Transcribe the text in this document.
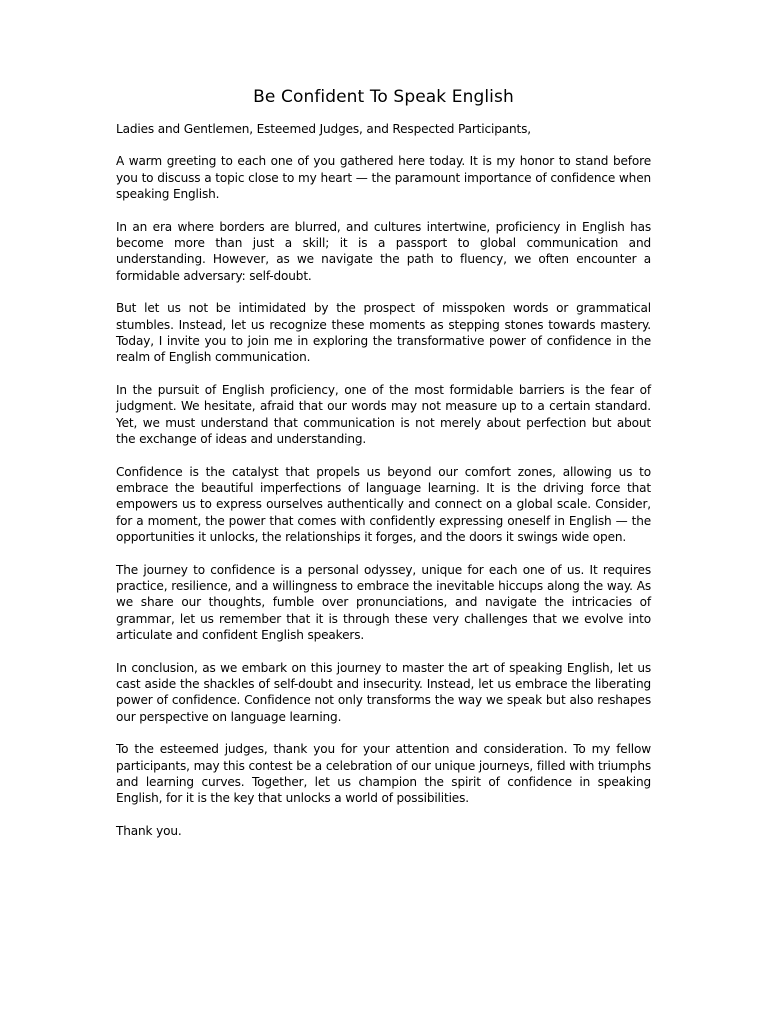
Be Confident To Speak English

Ladies and Gentlemen, Esteemed Judges, and Respected Participants,

A warm greeting to each one of you gathered here today. It is my honor to stand before you to discuss a topic close to my heart — the paramount importance of confidence when speaking English.

In an era where borders are blurred, and cultures intertwine, proficiency in English has become more than just a skill; it is a passport to global communication and understanding. However, as we navigate the path to fluency, we often encounter a formidable adversary: self-doubt.

But let us not be intimidated by the prospect of misspoken words or grammatical stumbles. Instead, let us recognize these moments as stepping stones towards mastery. Today, I invite you to join me in exploring the transformative power of confidence in the realm of English communication.

In the pursuit of English proficiency, one of the most formidable barriers is the fear of judgment. We hesitate, afraid that our words may not measure up to a certain standard. Yet, we must understand that communication is not merely about perfection but about the exchange of ideas and understanding.

Confidence is the catalyst that propels us beyond our comfort zones, allowing us to embrace the beautiful imperfections of language learning. It is the driving force that empowers us to express ourselves authentically and connect on a global scale. Consider, for a moment, the power that comes with confidently expressing oneself in English — the opportunities it unlocks, the relationships it forges, and the doors it swings wide open.

The journey to confidence is a personal odyssey, unique for each one of us. It requires practice, resilience, and a willingness to embrace the inevitable hiccups along the way. As we share our thoughts, fumble over pronunciations, and navigate the intricacies of grammar, let us remember that it is through these very challenges that we evolve into articulate and confident English speakers.

In conclusion, as we embark on this journey to master the art of speaking English, let us cast aside the shackles of self-doubt and insecurity. Instead, let us embrace the liberating power of confidence. Confidence not only transforms the way we speak but also reshapes our perspective on language learning.

To the esteemed judges, thank you for your attention and consideration. To my fellow participants, may this contest be a celebration of our unique journeys, filled with triumphs and learning curves. Together, let us champion the spirit of confidence in speaking English, for it is the key that unlocks a world of possibilities.

Thank you.
